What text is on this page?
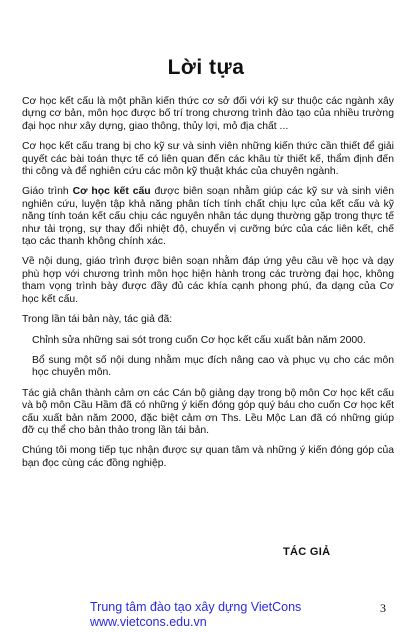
Lời tựa

Cơ học kết cấu là một phần kiến thức cơ sở đối với kỹ sư thuộc các ngành xây dựng cơ bản, môn học được bố trí trong chương trình đào tạo của nhiều trường đại học như xây dựng, giao thông, thủy lợi, mỏ địa chất ...

Cơ học kết cấu trang bị cho kỹ sư và sinh viên những kiến thức cần thiết để giải quyết các bài toán thực tế có liên quan đến các khâu từ thiết kế, thẩm định đến thi công và để nghiên cứu các môn kỹ thuật khác của chuyên ngành.

Giáo trình Cơ học kết cấu được biên soạn nhằm giúp các kỹ sư và sinh viên nghiên cứu, luyện tập khả năng phân tích tính chất chịu lực của kết cấu và kỹ năng tính toán kết cấu chịu các nguyên nhân tác dụng thường gặp trong thực tế như tải trọng, sự thay đổi nhiệt độ, chuyển vị cưỡng bức của các liên kết, chế tạo các thanh không chính xác.

Về nội dung, giáo trình được biên soạn nhằm đáp ứng yêu cầu về học và dạy phù hợp với chương trình môn học hiện hành trong các trường đại học, không tham vọng trình bày được đầy đủ các khía cạnh phong phú, đa dạng của Cơ học kết cấu.

Trong lần tái bản này, tác giả đã:

Chỉnh sửa những sai sót trong cuốn Cơ học kết cấu xuất bản năm 2000.

Bổ sung một số nội dung nhằm mục đích nâng cao và phục vụ cho các môn học chuyên môn.

Tác giả chân thành cảm ơn các Cán bộ giảng dạy trong bộ môn Cơ học kết cấu và bộ môn Cầu Hầm đã có những ý kiến đóng góp quý báu cho cuốn Cơ học kết cấu xuất bản năm 2000, đặc biệt cảm ơn Ths. Lều Mộc Lan đã có những giúp đỡ cụ thể cho bản thảo trong lần tái bản.

Chúng tôi mong tiếp tục nhận được sự quan tâm và những ý kiến đóng góp của bạn đọc cùng các đồng nghiệp.

TÁC GIẢ
Trung tâm đào tạo xây dựng VietCons
www.vietcons.edu.vn
3
